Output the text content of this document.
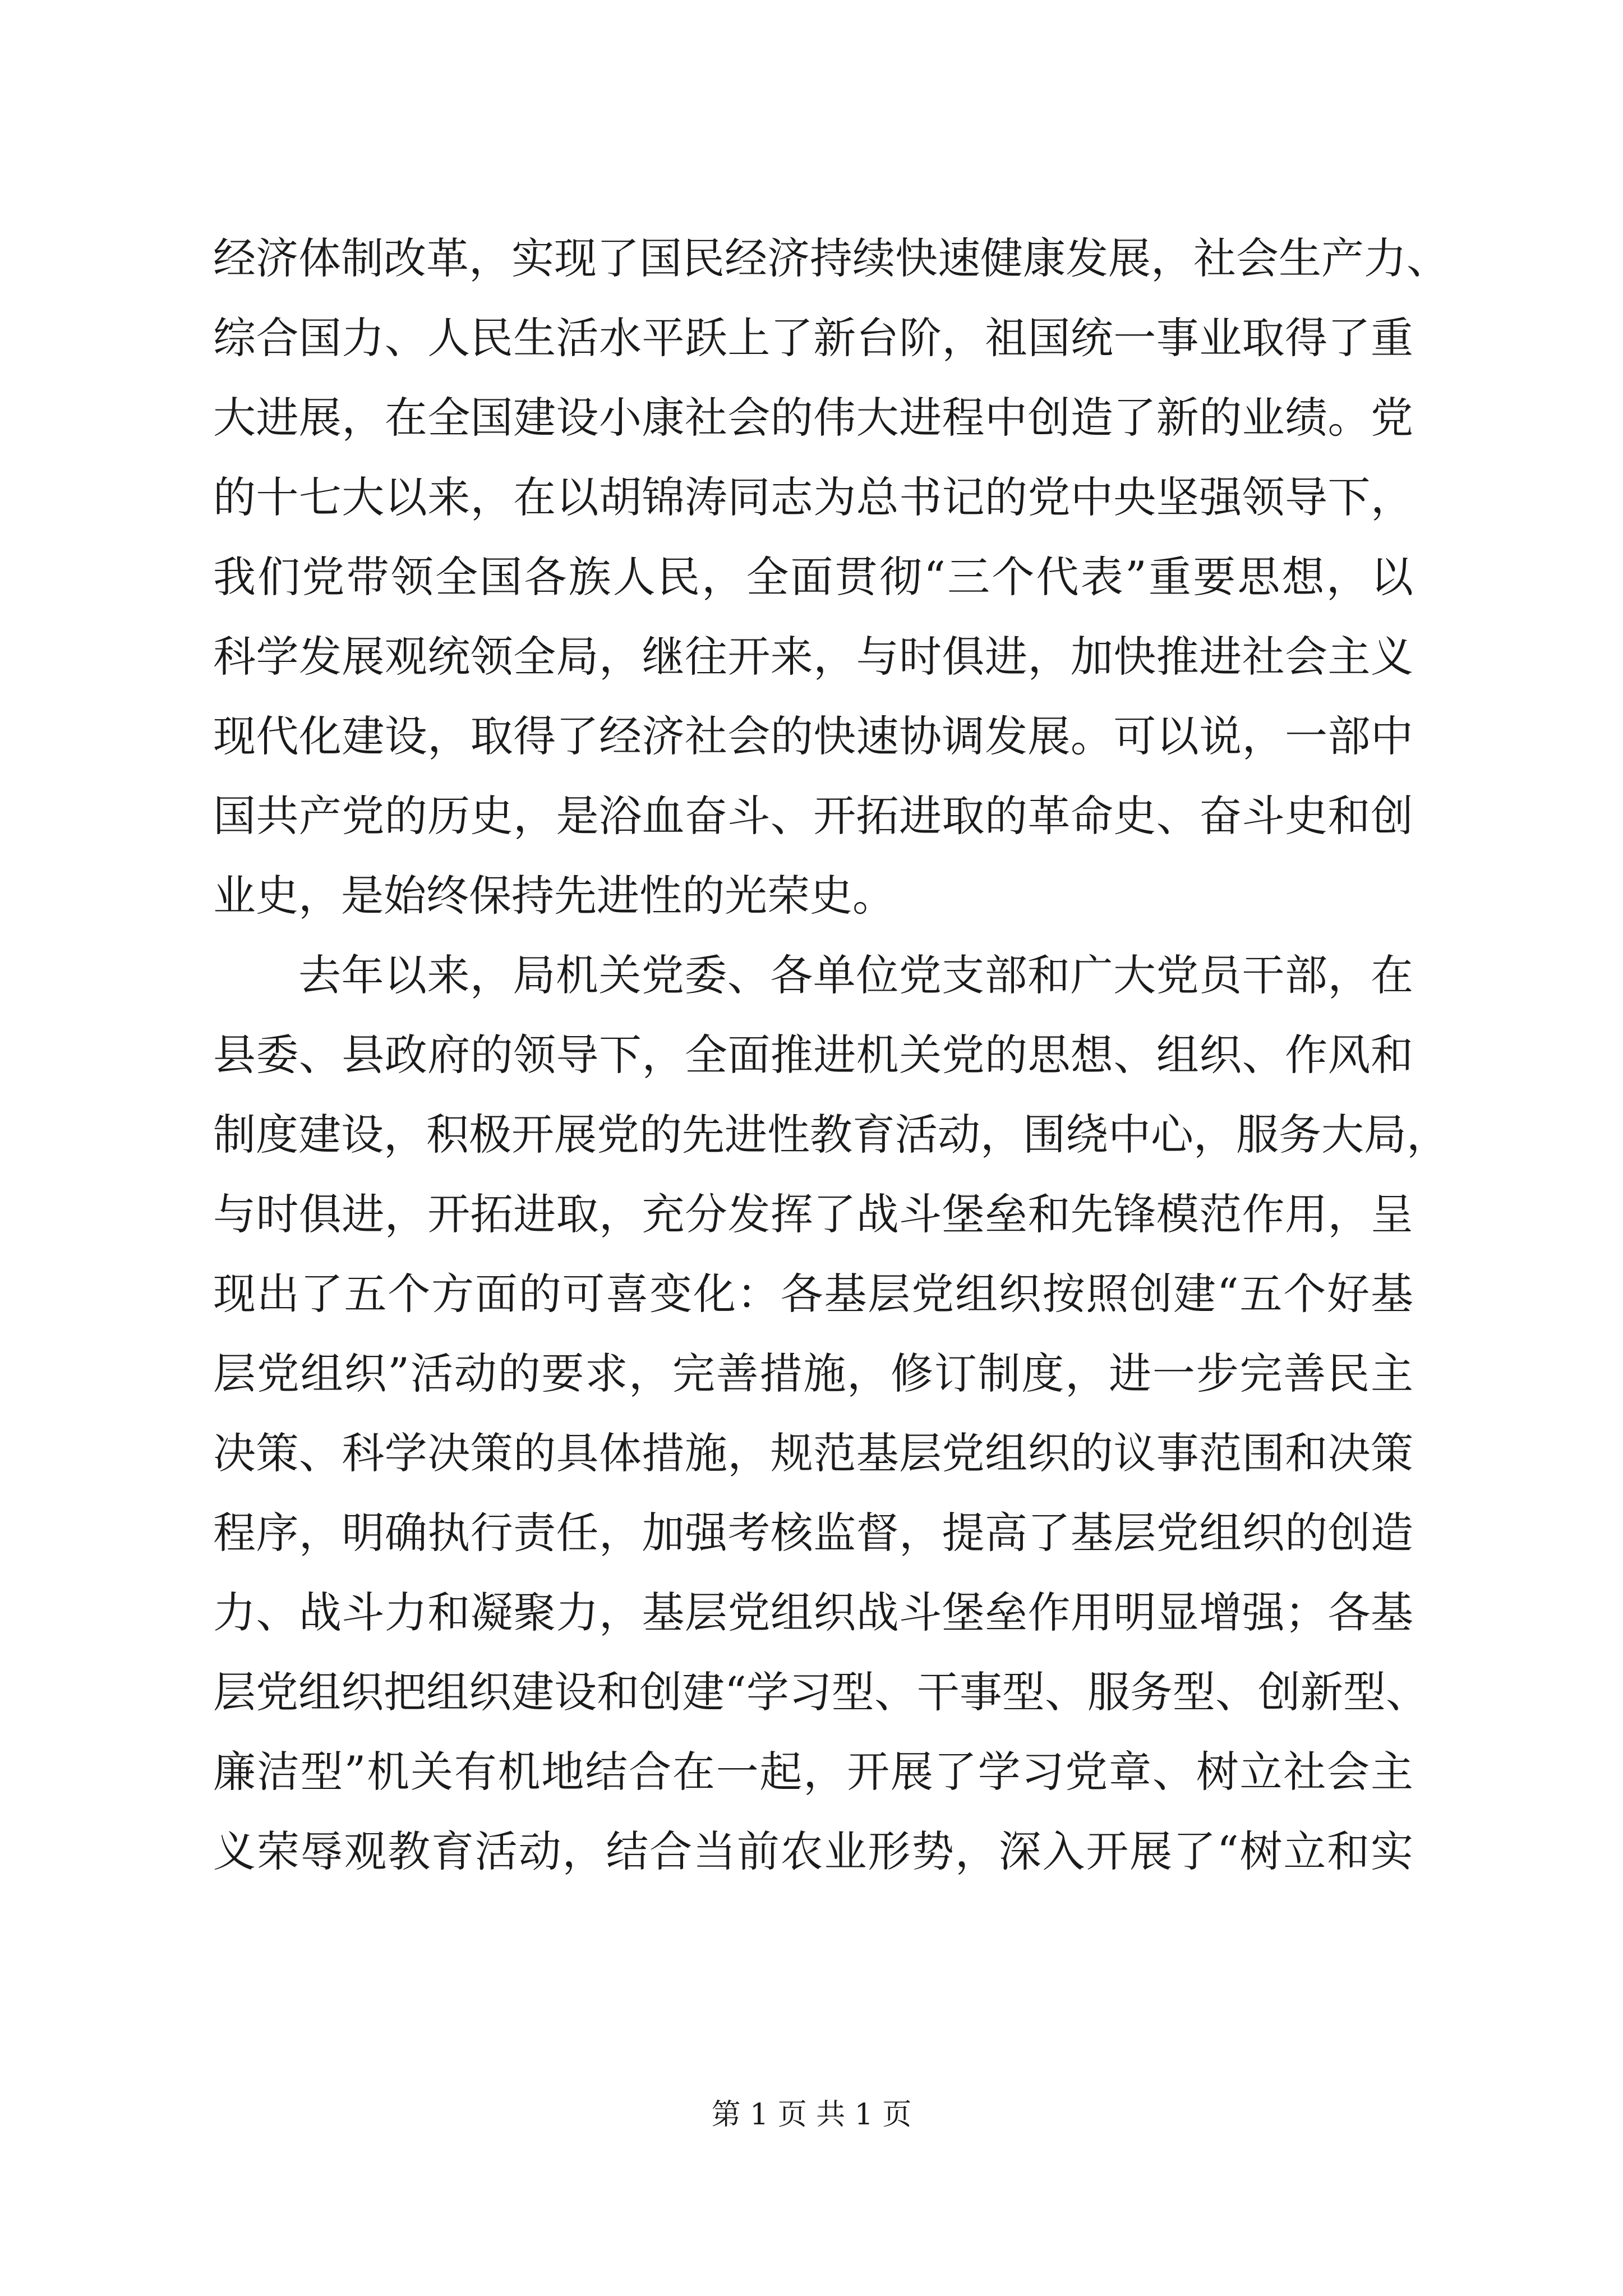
经济体制改革，实现了国民经济持续快速健康发展，社会生产力、
综合国力、人民生活水平跃上了新台阶，祖国统一事业取得了重
大进展，在全国建设小康社会的伟大进程中创造了新的业绩。党
的十七大以来，在以胡锦涛同志为总书记的党中央坚强领导下，
我们党带领全国各族人民，全面贯彻“三个代表”重要思想，以
科学发展观统领全局，继往开来，与时俱进，加快推进社会主义
现代化建设，取得了经济社会的快速协调发展。可以说，一部中
国共产党的历史，是浴血奋斗、开拓进取的革命史、奋斗史和创
业史，是始终保持先进性的光荣史。
去年以来，局机关党委、各单位党支部和广大党员干部，在
县委、县政府的领导下，全面推进机关党的思想、组织、作风和
制度建设，积极开展党的先进性教育活动，围绕中心，服务大局，
与时俱进，开拓进取，充分发挥了战斗堡垒和先锋模范作用，呈
现出了五个方面的可喜变化：各基层党组织按照创建“五个好基
层党组织”活动的要求，完善措施，修订制度，进一步完善民主
决策、科学决策的具体措施，规范基层党组织的议事范围和决策
程序，明确执行责任，加强考核监督，提高了基层党组织的创造
力、战斗力和凝聚力，基层党组织战斗堡垒作用明显增强；各基
层党组织把组织建设和创建“学习型、干事型、服务型、创新型、
廉洁型”机关有机地结合在一起，开展了学习党章、树立社会主
义荣辱观教育活动，结合当前农业形势，深入开展了“树立和实
第 1 页 共 1 页
